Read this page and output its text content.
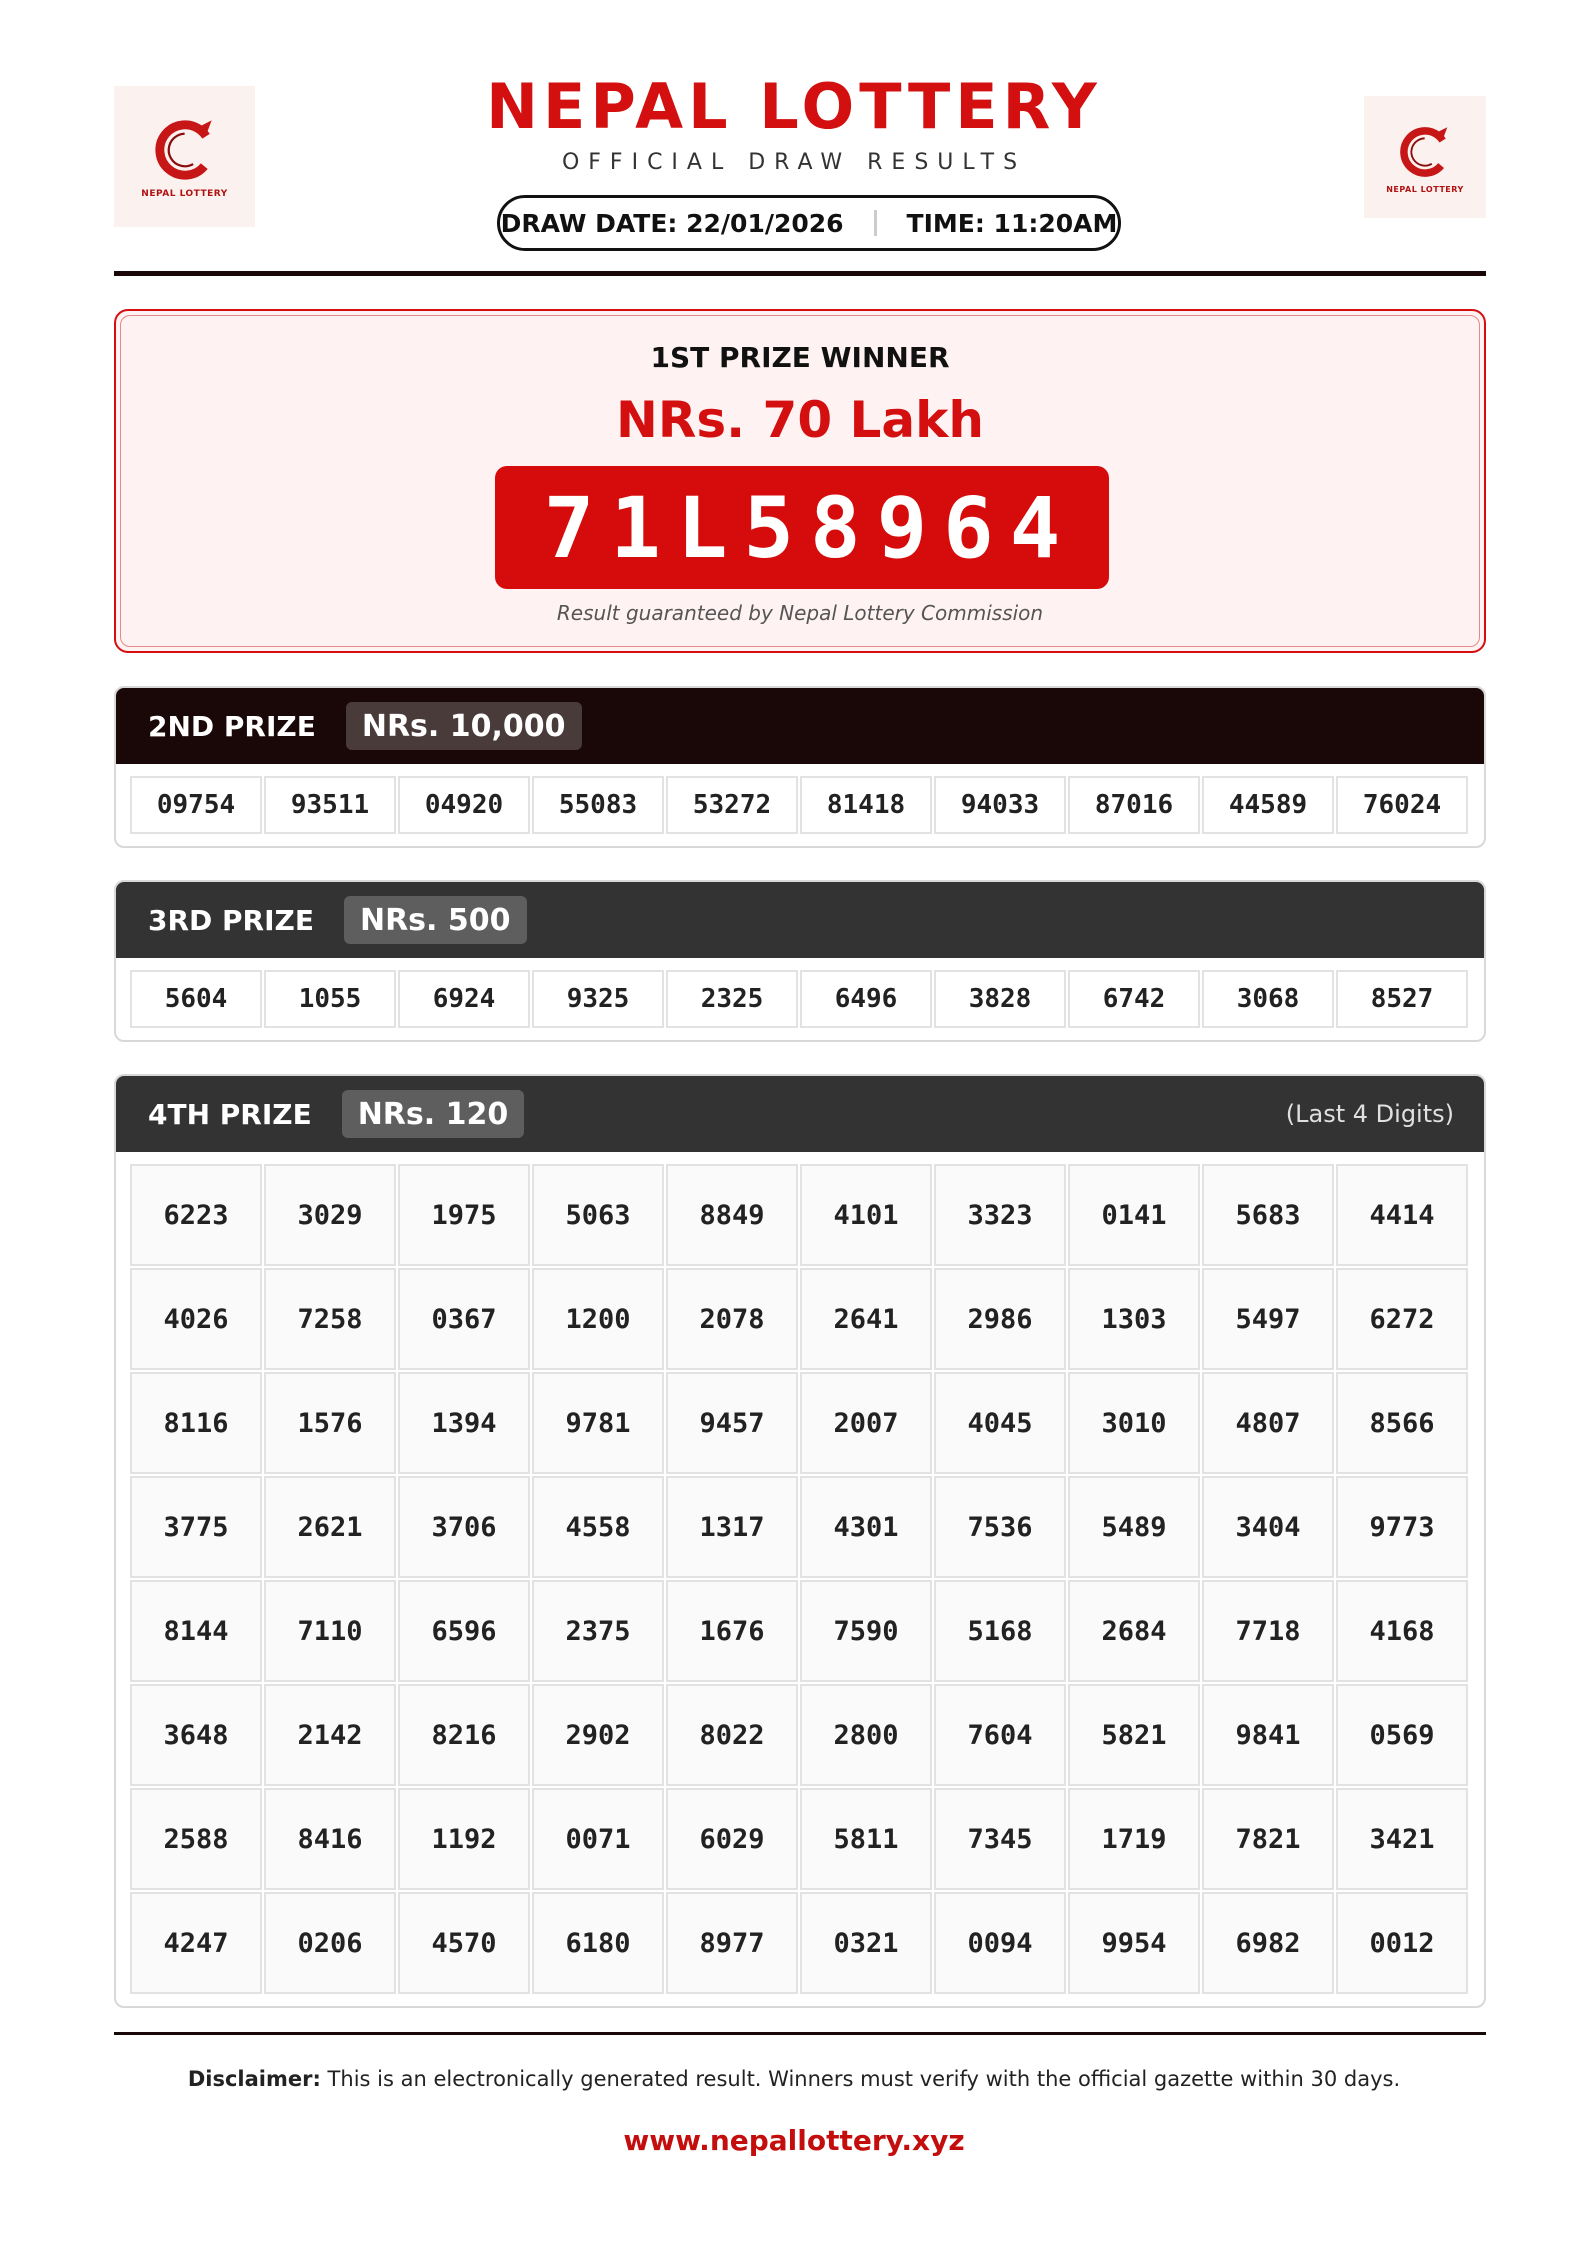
NEPAL LOTTERY	NEPAL LOTTERY
NEPAL LOTTERY
OFFICIAL DRAW RESULTS
DRAW DATE: 22/01/2026	TIME: 11:20AM
1ST PRIZE WINNER
NRs. 70 Lakh
71L58964
Result guaranteed by Nepal Lottery Commission
2ND PRIZE	NRs. 10,000
09754	93511	04920	55083	53272	81418	94033	87016	44589	76024
3RD PRIZE	NRs. 500
5604	1055	6924	9325	2325	6496	3828	6742	3068	8527
4TH PRIZE	NRs. 120	(Last 4 Digits)
6223	3029	1975	5063	8849	4101	3323	0141	5683	4414
4026	7258	0367	1200	2078	2641	2986	1303	5497	6272
8116	1576	1394	9781	9457	2007	4045	3010	4807	8566
3775	2621	3706	4558	1317	4301	7536	5489	3404	9773
8144	7110	6596	2375	1676	7590	5168	2684	7718	4168
3648	2142	8216	2902	8022	2800	7604	5821	9841	0569
2588	8416	1192	0071	6029	5811	7345	1719	7821	3421
4247	0206	4570	6180	8977	0321	0094	9954	6982	0012
Disclaimer: This is an electronically generated result. Winners must verify with the official gazette within 30 days.
www.nepallottery.xyz
